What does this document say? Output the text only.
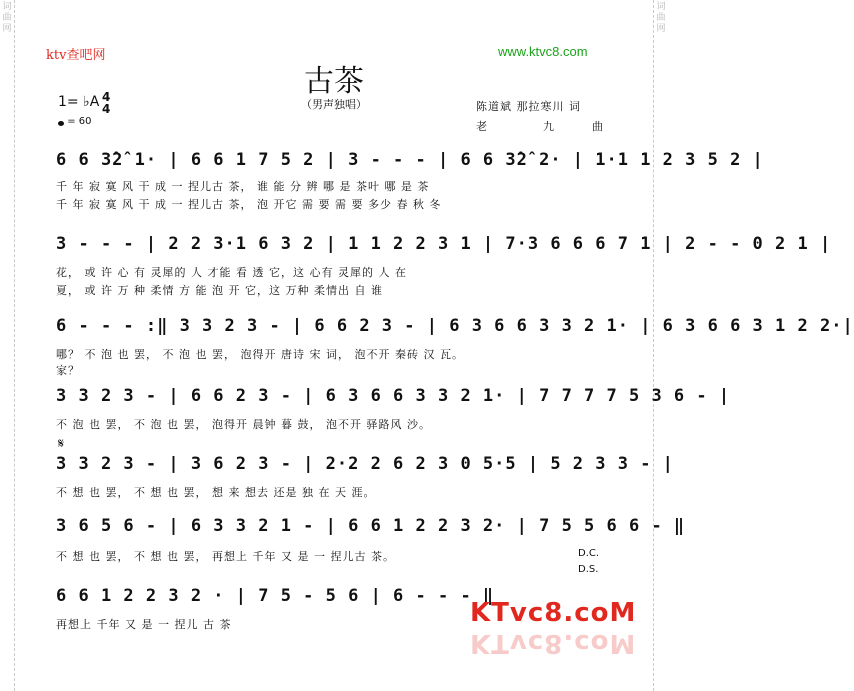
词曲网
词曲网
ktv查吧网	www.ktvc8.com
古茶
（男声独唱）
1= ♭A 4
4
= 60
陈道斌 那拉寒川 词
老	九	曲
6 6 3̂2̂ 1· | 6 6 1 7 5 2 | 3 - - - | 6 6 3̂2̂ 2· | 1·1 1 2 3 5 2 |
千 年 寂 寞 风 干 成 一 捏儿古 茶， 谁 能 分 辨 哪 是 茶叶 哪 是 茶
千 年 寂 寞 风 干 成 一 捏儿古 茶， 泡 开它 需 要 需 要 多少 春 秋 冬
3 - - - | 2 2 3·1 6 3 2 | 1 1 2 2 3 1 | 7·3 6 6 6 7 1 | 2 - - 0 2 1 |
花， 或 许 心 有 灵犀的 人 才能 看 透 它，这 心有 灵犀的 人 在
夏， 或 许 万 种 柔情 方 能 泡 开 它，这 万种 柔情出 自 谁
6 - - - :‖ 3 3 2 3 - | 6 6 2 3 - | 6 3 6 6 3 3 2 1· | 6 3 6 6 3 1 2 2·|
哪？ 不 泡 也 罢， 不 泡 也 罢， 泡得开 唐诗 宋 词， 泡不开 秦砖 汉 瓦。
家？
3 3 2 3 - | 6 6 2 3 - | 6 3 6 6 3 3 2 1· | 7 7 7 7 5 3 6 - |
不 泡 也 罢， 不 泡 也 罢， 泡得开 晨钟 暮 鼓， 泡不开 驿路风 沙。
𝄋
3 3 2 3 - | 3 6 2 3 - | 2·2 2 6 2 3 0 5·5 | 5 2 3 3 - |
不 想 也 罢， 不 想 也 罢， 想 来 想去 还是 独 在 天 涯。
3 6 5 6 - | 6 3 3 2 1 - | 6 6 1 2 2 3 2· | 7 5 5 6 6 - ‖
不 想 也 罢， 不 想 也 罢， 再想上 千年 又 是 一 捏儿古 茶。	D.C.
D.S.
6 6 1 2 2 3 2 · | 7 5 - 5 6 | 6 - - - ‖
再想上 千年 又 是 一 捏儿 古 茶	KTvc8.coM
KTvc8.coM
